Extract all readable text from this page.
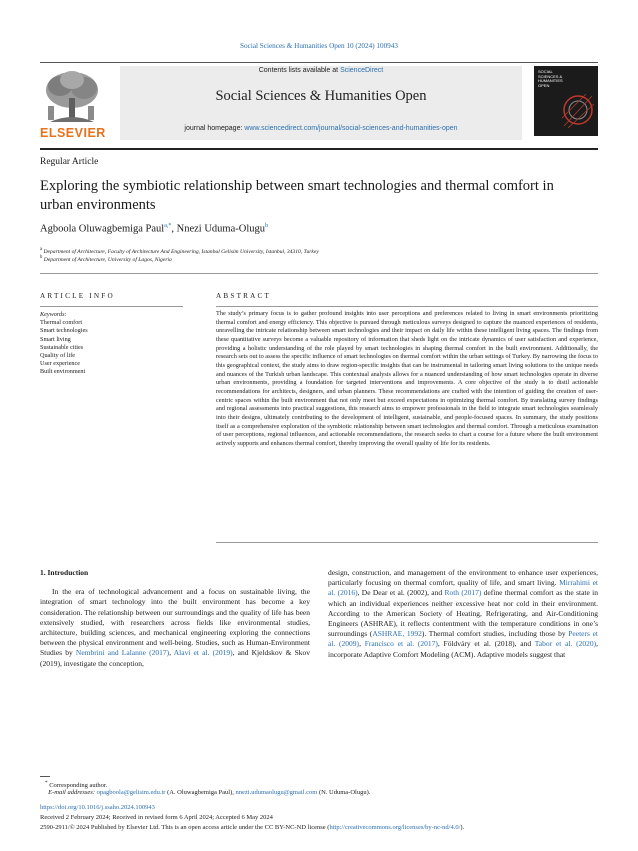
Social Sciences & Humanities Open 10 (2024) 100943
ELSEVIER
Contents lists available at ScienceDirect
Social Sciences & Humanities Open
journal homepage: www.sciencedirect.com/journal/social-sciences-and-humanities-open
SOCIAL SCIENCES & HUMANITIES OPEN
Regular Article
Exploring the symbiotic relationship between smart technologies and thermal comfort in urban environments
Agboola Oluwagbemiga Paul$^{a,*}$, Nnezi Uduma-Olugu$^b$
$^a$ Department of Architecture, Faculty of Architecture And Engineering, Istanbul Gelisim University, Istanbul, 34310, Turkey
$^b$ Department of Architecture, University of Lagos, Nigeria
ARTICLE INFO	ABSTRACT
Keywords:
Thermal comfort
Smart technologies
Smart living
Sustainable cities
Quality of life
User experience
Built environment
The study’s primary focus is to gather profound insights into user perceptions and preferences related to living in smart environments prioritizing thermal comfort and energy efficiency. This objective is pursued through meticulous surveys designed to capture the nuanced experiences of residents, unravelling the intricate relationship between smart technologies and their impact on daily life within these intelligent living spaces. The findings from these quantitative surveys become a valuable repository of information that sheds light on the intricate dynamics of user satisfaction and experience, providing a holistic understanding of the role played by smart technologies in shaping thermal comfort in the built environment. Additionally, the research sets out to assess the specific influence of smart technologies on thermal comfort within the urban settings of Turkey. By narrowing the focus to this geographical context, the study aims to draw region-specific insights that can be instrumental in tailoring smart living solutions to the unique needs and nuances of the Turkish urban landscape. This contextual analysis allows for a nuanced understanding of how smart technologies operate in diverse urban environments, providing a foundation for targeted interventions and improvements. A core objective of the study is to distil actionable recommendations for architects, designers, and urban planners. These recommendations are crafted with the intention of guiding the creation of user-centric spaces within the built environment that not only meet but exceed expectations in optimizing thermal comfort. By translating survey findings and regional assessments into practical suggestions, this research aims to empower professionals in the field to integrate smart technologies seamlessly into their designs, ultimately contributing to the development of intelligent, sustainable, and people-focused spaces. In summary, the study positions itself as a comprehensive exploration of the symbiotic relationship between smart technologies and thermal comfort. Through a meticulous examination of user perceptions, regional influences, and actionable recommendations, the research seeks to chart a course for a future where the built environment actively supports and enhances thermal comfort, thereby improving the overall quality of life for its residents.
1. Introduction
In the era of technological advancement and a focus on sustainable living, the integration of smart technology into the built environment has become a key consideration. The relationship between our surroundings and the quality of life has been extensively studied, with researchers across fields like environmental studies, architecture, building sciences, and mechanical engineering exploring the connections between the physical environment and well-being. Studies, such as Human-Environment Studies by Nembrini and Lalanne (2017), Alavi et al. (2019), and Kjeldskov & Skov (2019), investigate the conception,
design, construction, and management of the environment to enhance user experiences, particularly focusing on thermal comfort, quality of life, and smart living. Mirrahimi et al. (2016), De Dear et al. (2002), and Roth (2017) define thermal comfort as the state in which an individual experiences neither excessive heat nor cold in their environment. According to the American Society of Heating, Refrigerating, and Air-Conditioning Engineers (ASHRAE), it reflects contentment with the temperature conditions in one’s surroundings (ASHRAE, 1992). Thermal comfort studies, including those by Peeters et al. (2009), Francisco et al. (2017), Földváry et al. (2018), and Tabor et al. (2020), incorporate Adaptive Comfort Modeling (ACM). Adaptive models suggest that
* Corresponding author.
E-mail addresses: opagboola@gelisim.edu.tr (A. Oluwagbemiga Paul), nnezi.udumaolugu@gmail.com (N. Uduma-Olugu).
https://doi.org/10.1016/j.ssaho.2024.100943
Received 2 February 2024; Received in revised form 6 April 2024; Accepted 6 May 2024
2590-2911/© 2024 Published by Elsevier Ltd. This is an open access article under the CC BY-NC-ND license (http://creativecommons.org/licenses/by-nc-nd/4.0/).
